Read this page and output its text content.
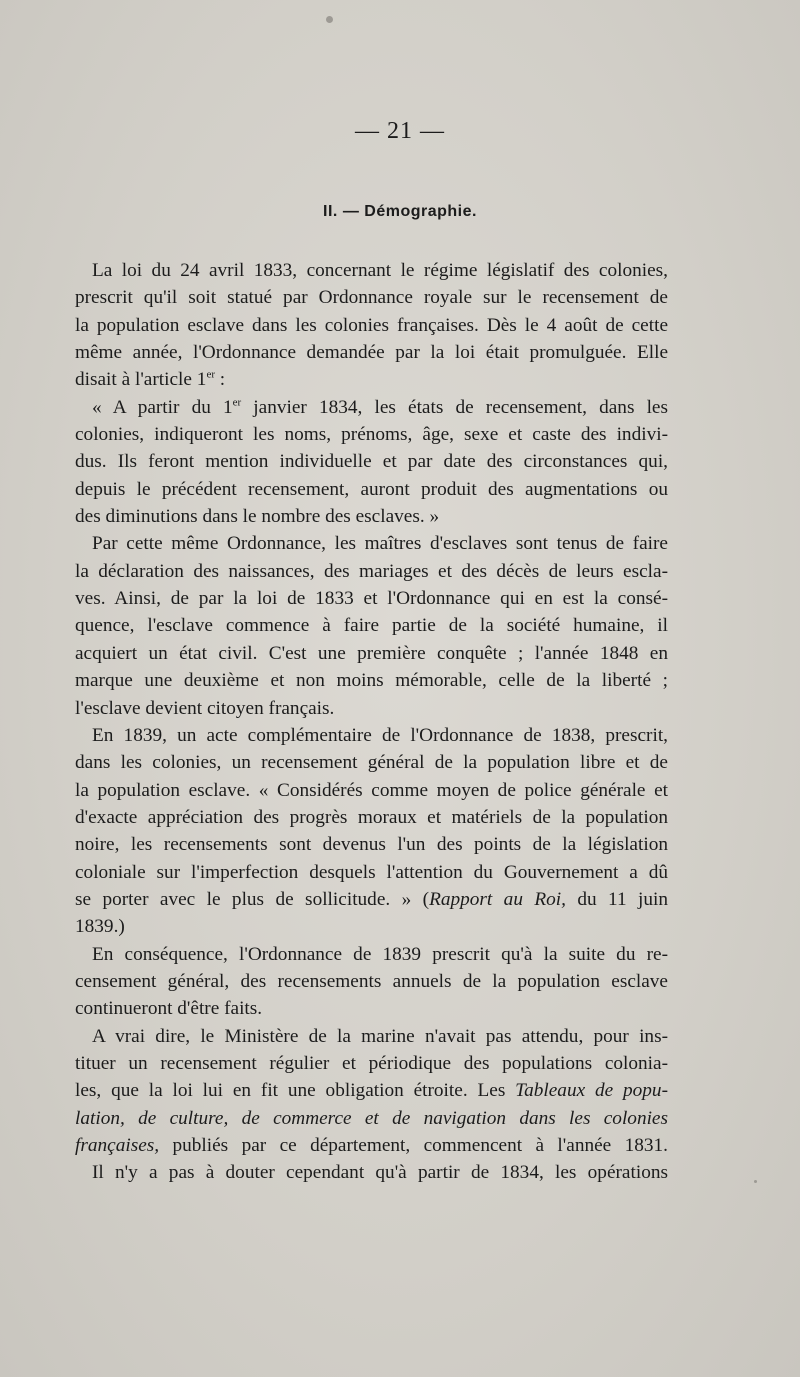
— 21 —
II. — Démographie.
La loi du 24 avril 1833, concernant le régime législatif des colonies,
prescrit qu'il soit statué par Ordonnance royale sur le recensement de
la population esclave dans les colonies françaises. Dès le 4 août de cette
même année, l'Ordonnance demandée par la loi était promulguée. Elle
disait à l'article 1er :
« A partir du 1er janvier 1834, les états de recensement, dans les
colonies, indiqueront les noms, prénoms, âge, sexe et caste des indivi-
dus. Ils feront mention individuelle et par date des circonstances qui,
depuis le précédent recensement, auront produit des augmentations ou
des diminutions dans le nombre des esclaves. »
Par cette même Ordonnance, les maîtres d'esclaves sont tenus de faire
la déclaration des naissances, des mariages et des décès de leurs escla-
ves. Ainsi, de par la loi de 1833 et l'Ordonnance qui en est la consé-
quence, l'esclave commence à faire partie de la société humaine, il
acquiert un état civil. C'est une première conquête ; l'année 1848 en
marque une deuxième et non moins mémorable, celle de la liberté ;
l'esclave devient citoyen français.
En 1839, un acte complémentaire de l'Ordonnance de 1838, prescrit,
dans les colonies, un recensement général de la population libre et de
la population esclave. « Considérés comme moyen de police générale et
d'exacte appréciation des progrès moraux et matériels de la population
noire, les recensements sont devenus l'un des points de la législation
coloniale sur l'imperfection desquels l'attention du Gouvernement a dû
se porter avec le plus de sollicitude. » (Rapport au Roi, du 11 juin
1839.)
En conséquence, l'Ordonnance de 1839 prescrit qu'à la suite du re-
censement général, des recensements annuels de la population esclave
continueront d'être faits.
A vrai dire, le Ministère de la marine n'avait pas attendu, pour ins-
tituer un recensement régulier et périodique des populations colonia-
les, que la loi lui en fit une obligation étroite. Les Tableaux de popu-
lation, de culture, de commerce et de navigation dans les colonies
françaises, publiés par ce département, commencent à l'année 1831.
Il n'y a pas à douter cependant qu'à partir de 1834, les opérations
